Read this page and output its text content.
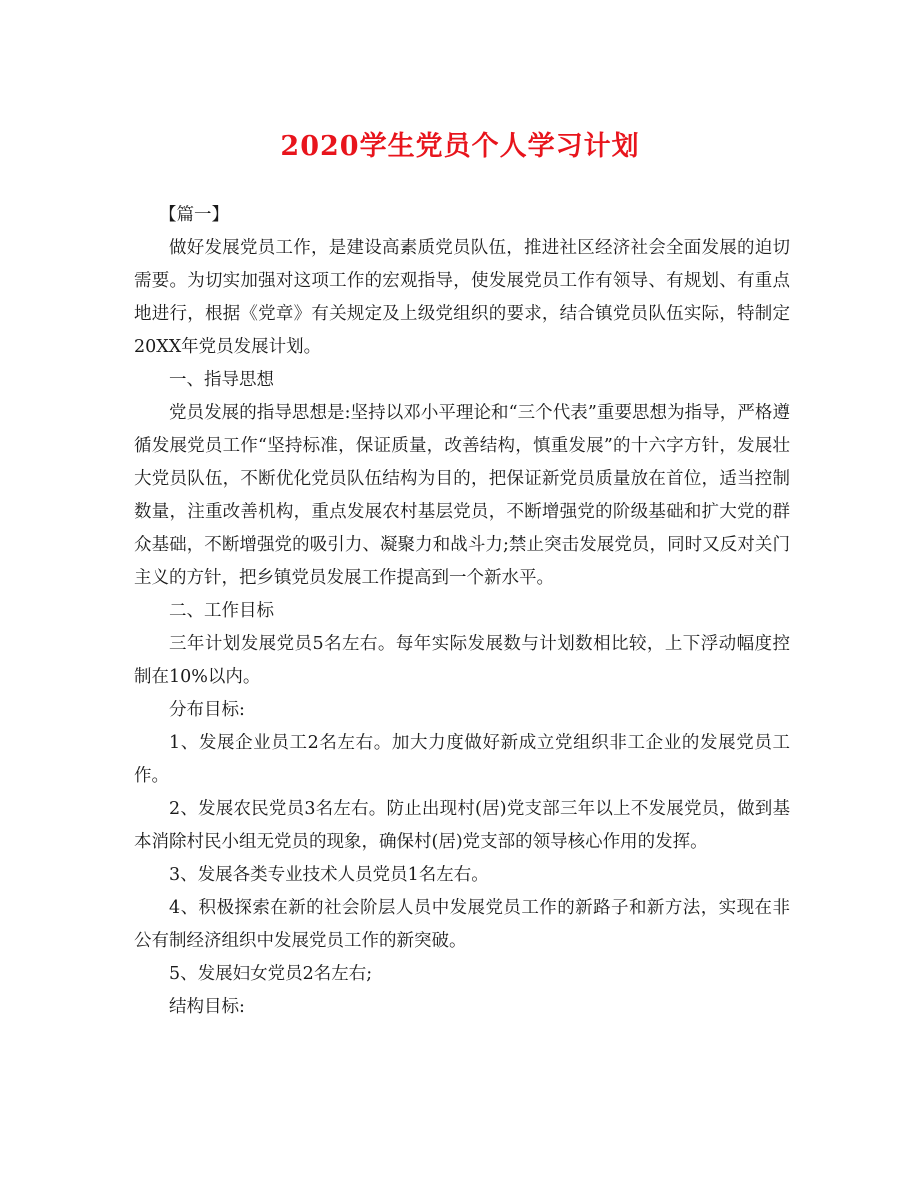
2020学生党员个人学习计划

【篇一】

做好发展党员工作，是建设高素质党员队伍，推进社区经济社会全面发展的迫切需要。为切实加强对这项工作的宏观指导，使发展党员工作有领导、有规划、有重点地进行，根据《党章》有关规定及上级党组织的要求，结合镇党员队伍实际，特制定20XX年党员发展计划。

一、指导思想

党员发展的指导思想是:坚持以邓小平理论和“三个代表”重要思想为指导，严格遵循发展党员工作“坚持标准，保证质量，改善结构，慎重发展”的十六字方针，发展壮大党员队伍，不断优化党员队伍结构为目的，把保证新党员质量放在首位，适当控制数量，注重改善机构，重点发展农村基层党员，不断增强党的阶级基础和扩大党的群众基础，不断增强党的吸引力、凝聚力和战斗力;禁止突击发展党员，同时又反对关门主义的方针，把乡镇党员发展工作提高到一个新水平。

二、工作目标

三年计划发展党员5名左右。每年实际发展数与计划数相比较，上下浮动幅度控制在10%以内。

分布目标:

1、发展企业员工2名左右。加大力度做好新成立党组织非工企业的发展党员工作。

2、发展农民党员3名左右。防止出现村(居)党支部三年以上不发展党员，做到基本消除村民小组无党员的现象，确保村(居)党支部的领导核心作用的发挥。

3、发展各类专业技术人员党员1名左右。

4、积极探索在新的社会阶层人员中发展党员工作的新路子和新方法，实现在非公有制经济组织中发展党员工作的新突破。

5、发展妇女党员2名左右;

结构目标:
